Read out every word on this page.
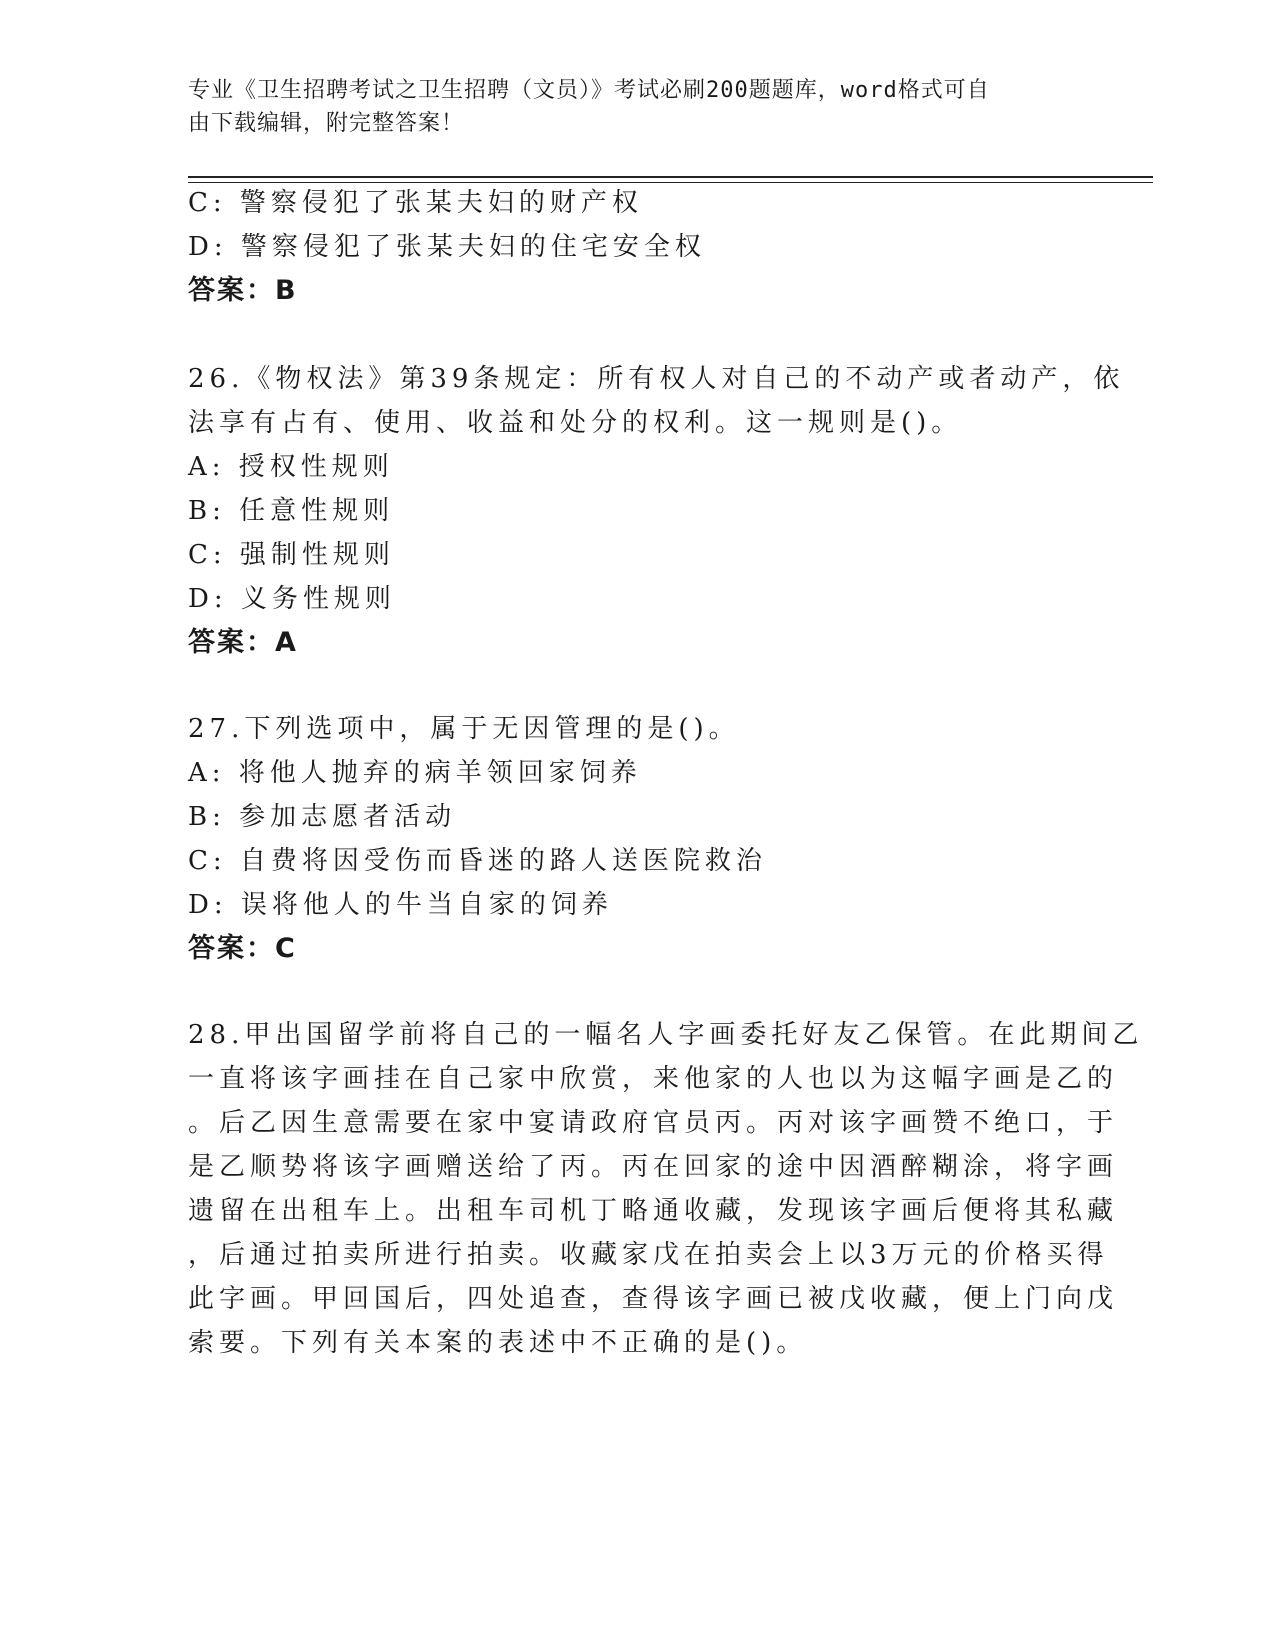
专业《卫生招聘考试之卫生招聘（文员）》考试必刷200题题库，word格式可自
由下载编辑，附完整答案！
C: 警察侵犯了张某夫妇的财产权
D: 警察侵犯了张某夫妇的住宅安全权
答案：B
26.《物权法》第39条规定：所有权人对自己的不动产或者动产，依
法享有占有、使用、收益和处分的权利。这一规则是()。
A: 授权性规则
B: 任意性规则
C: 强制性规则
D: 义务性规则
答案：A
27.下列选项中，属于无因管理的是()。
A: 将他人抛弃的病羊领回家饲养
B: 参加志愿者活动
C: 自费将因受伤而昏迷的路人送医院救治
D: 误将他人的牛当自家的饲养
答案：C
28.甲出国留学前将自己的一幅名人字画委托好友乙保管。在此期间乙
一直将该字画挂在自己家中欣赏，来他家的人也以为这幅字画是乙的
。后乙因生意需要在家中宴请政府官员丙。丙对该字画赞不绝口，于
是乙顺势将该字画赠送给了丙。丙在回家的途中因酒醉糊涂，将字画
遗留在出租车上。出租车司机丁略通收藏，发现该字画后便将其私藏
，后通过拍卖所进行拍卖。收藏家戊在拍卖会上以3万元的价格买得
此字画。甲回国后，四处追查，查得该字画已被戊收藏，便上门向戊
索要。下列有关本案的表述中不正确的是()。
